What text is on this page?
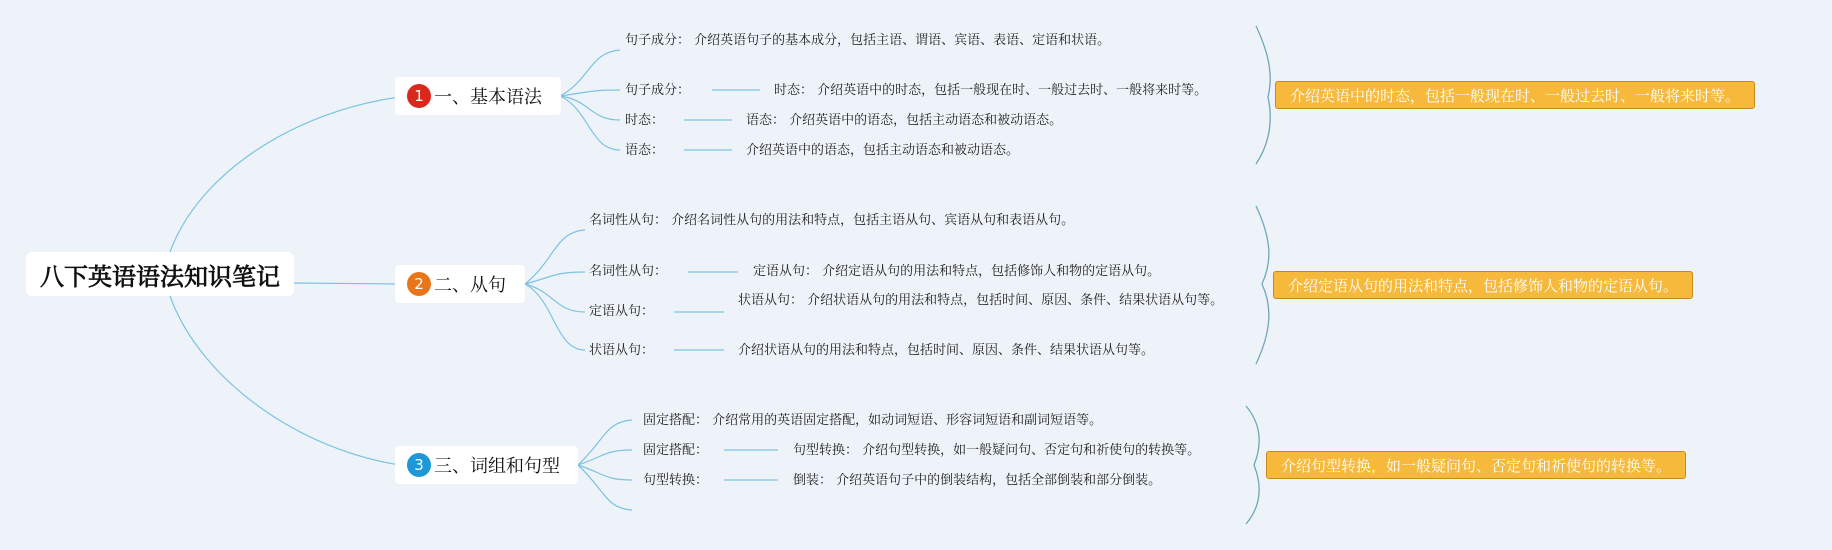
八下英语语法知识笔记
1 一、基本语法
句子成分： 介绍英语句子的基本成分，包括主语、谓语、宾语、表语、定语和状语。
句子成分：
时态：
语态：
时态： 介绍英语中的时态，包括一般现在时、一般过去时、一般将来时等。
语态： 介绍英语中的语态，包括主动语态和被动语态。
介绍英语中的语态，包括主动语态和被动语态。
介绍英语中的时态，包括一般现在时、一般过去时、一般将来时等。
2 二、从句
名词性从句： 介绍名词性从句的用法和特点，包括主语从句、宾语从句和表语从句。
名词性从句：
定语从句：
状语从句：
定语从句： 介绍定语从句的用法和特点，包括修饰人和物的定语从句。
状语从句： 介绍状语从句的用法和特点，包括时间、原因、条件、结果状语从句等。
介绍状语从句的用法和特点，包括时间、原因、条件、结果状语从句等。
介绍定语从句的用法和特点，包括修饰人和物的定语从句。
3 三、词组和句型
固定搭配： 介绍常用的英语固定搭配，如动词短语、形容词短语和副词短语等。
固定搭配：
句型转换：
句型转换： 介绍句型转换，如一般疑问句、否定句和祈使句的转换等。
倒装： 介绍英语句子中的倒装结构，包括全部倒装和部分倒装。
介绍句型转换，如一般疑问句、否定句和祈使句的转换等。
